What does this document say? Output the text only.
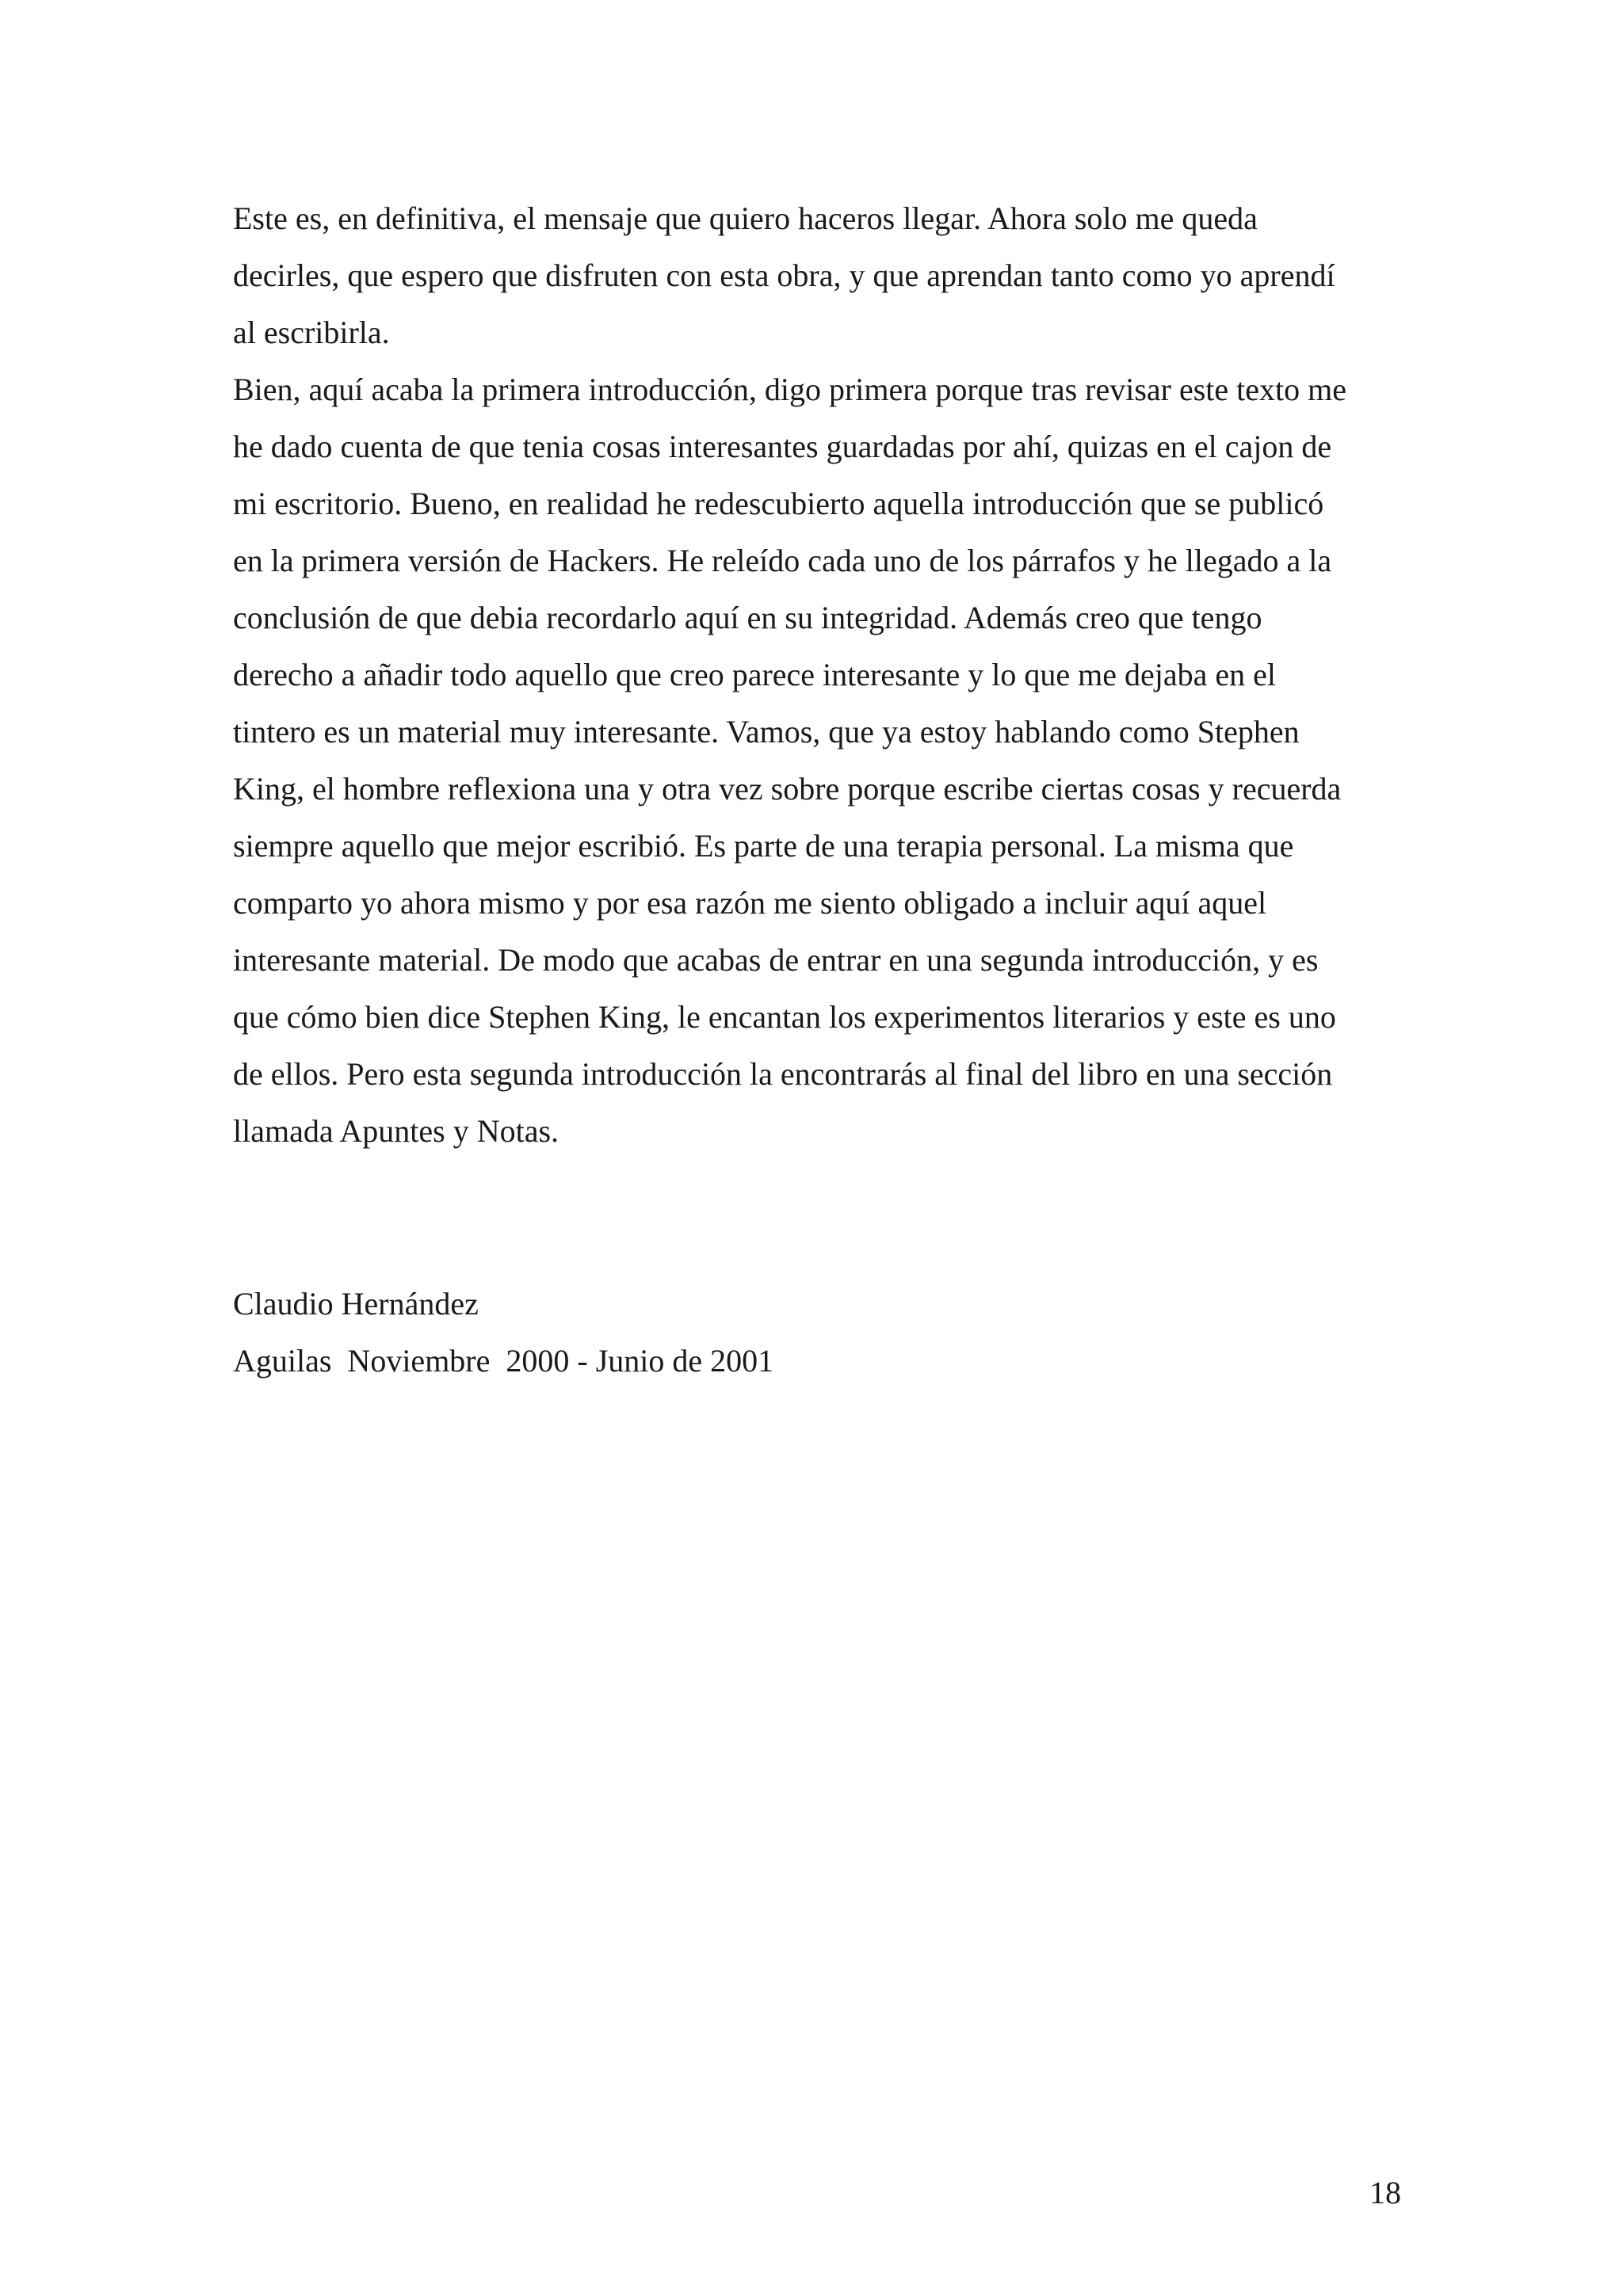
Este es, en definitiva, el mensaje que quiero haceros llegar. Ahora solo me queda
decirles, que espero que disfruten con esta obra, y que aprendan tanto como yo aprendí
al escribirla.
Bien, aquí acaba la primera introducción, digo primera porque tras revisar este texto me
he dado cuenta de que tenia cosas interesantes guardadas por ahí, quizas en el cajon de
mi escritorio. Bueno, en realidad he redescubierto aquella introducción que se publicó
en la primera versión de Hackers. He releído cada uno de los párrafos y he llegado a la
conclusión de que debia recordarlo aquí en su integridad. Además creo que tengo
derecho a añadir todo aquello que creo parece interesante y lo que me dejaba en el
tintero es un material muy interesante. Vamos, que ya estoy hablando como Stephen
King, el hombre reflexiona una y otra vez sobre porque escribe ciertas cosas y recuerda
siempre aquello que mejor escribió. Es parte de una terapia personal. La misma que
comparto yo ahora mismo y por esa razón me siento obligado a incluir aquí aquel
interesante material. De modo que acabas de entrar en una segunda introducción, y es
que cómo bien dice Stephen King, le encantan los experimentos literarios y este es uno
de ellos. Pero esta segunda introducción la encontrarás al final del libro en una sección
llamada Apuntes y Notas.
Claudio Hernández
Aguilas  Noviembre  2000 - Junio de 2001
18
